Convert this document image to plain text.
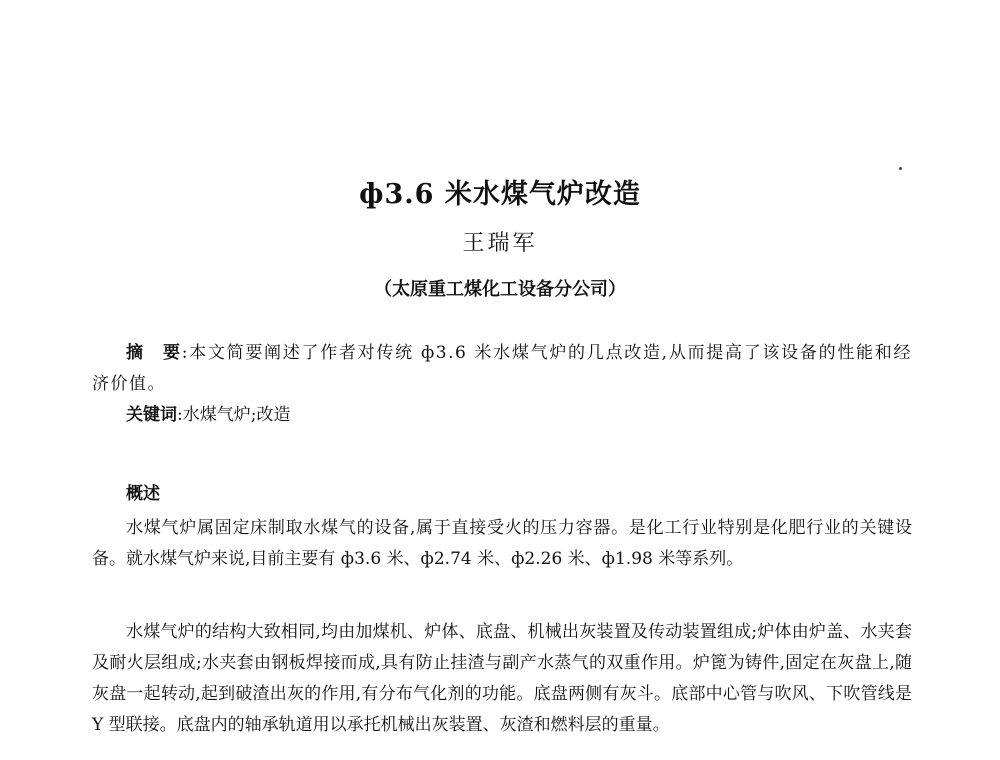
ф3.6 米水煤气炉改造
王瑞军
（太原重工煤化工设备分公司）
摘 要:本文简要阐述了作者对传统 ф3.6 米水煤气炉的几点改造,从而提高了该设备的性能和经济价值。
关键词:水煤气炉;改造
概述
水煤气炉属固定床制取水煤气的设备,属于直接受火的压力容器。是化工行业特别是化肥行业的关键设备。就水煤气炉来说,目前主要有 ф3.6 米、ф2.74 米、ф2.26 米、ф1.98 米等系列。
水煤气炉的结构大致相同,均由加煤机、炉体、底盘、机械出灰装置及传动装置组成;炉体由炉盖、水夹套及耐火层组成;水夹套由钢板焊接而成,具有防止挂渣与副产水蒸气的双重作用。炉篦为铸件,固定在灰盘上,随灰盘一起转动,起到破渣出灰的作用,有分布气化剂的功能。底盘两侧有灰斗。底部中心管与吹风、下吹管线是 Y 型联接。底盘内的轴承轨道用以承托机械出灰装置、灰渣和燃料层的重量。
